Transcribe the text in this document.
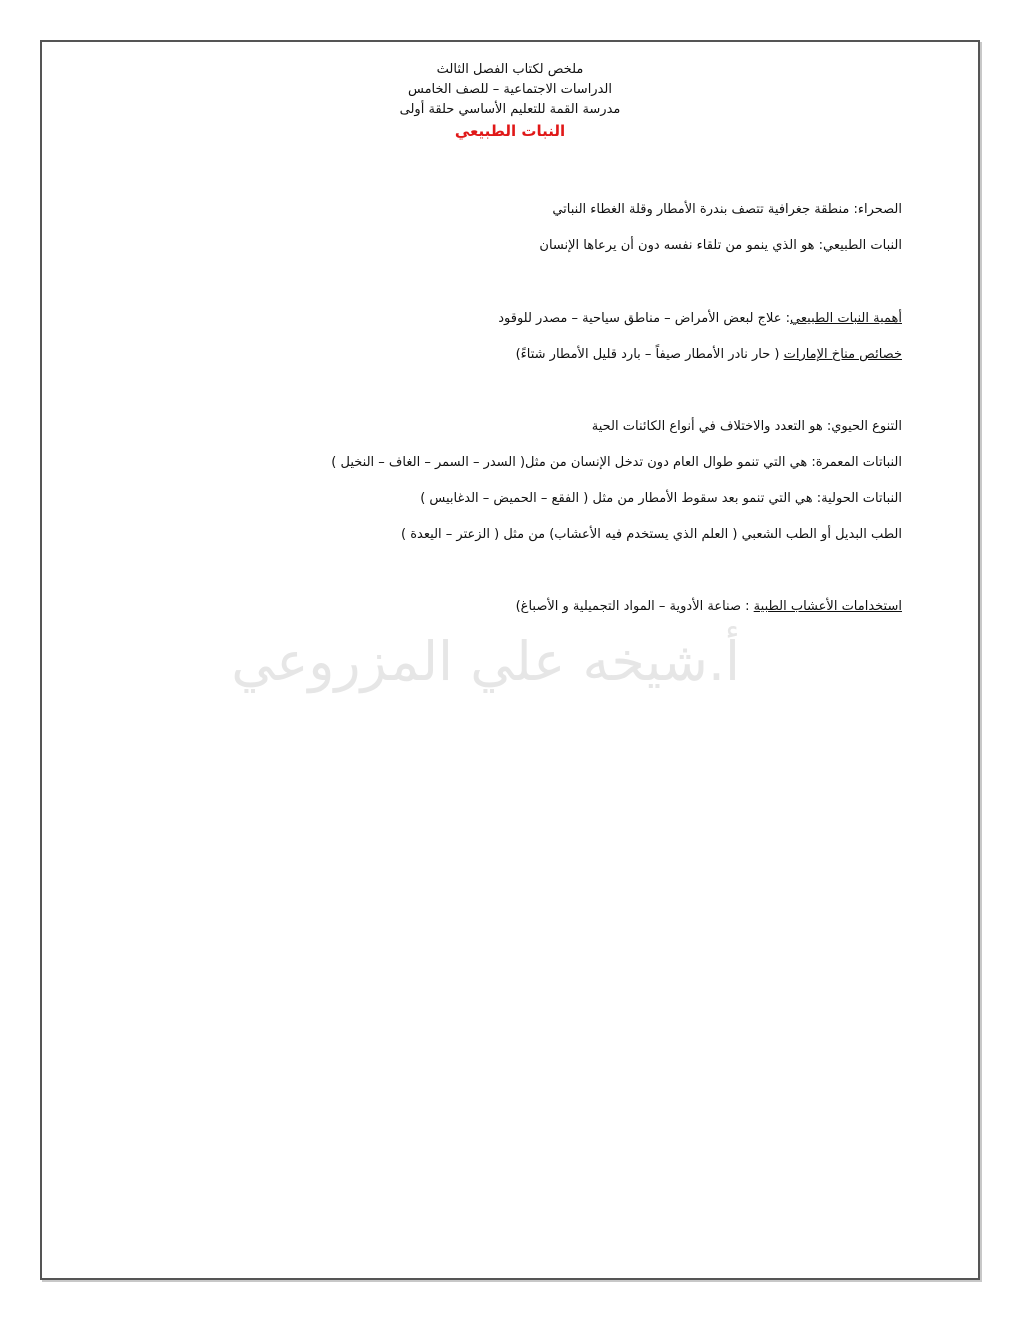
ملخص لكتاب الفصل الثالث
الدراسات الاجتماعية – للصف الخامس
مدرسة القمة للتعليم الأساسي حلقة أولى
النبات الطبيعي
الصحراء: منطقة جغرافية تتصف بندرة الأمطار وقلة الغطاء النباتي
النبات الطبيعي: هو الذي ينمو من تلقاء نفسه دون أن يرعاها الإنسان
أهمية النبات الطبيعي: علاج لبعض الأمراض – مناطق سياحية – مصدر للوقود
خصائص مناخ الإمارات ( حار نادر الأمطار صيفاً – بارد قليل الأمطار شتاءً)
التنوع الحيوي: هو التعدد والاختلاف في أنواع الكائنات الحية
النباتات المعمرة: هي التي تنمو طوال العام دون تدخل الإنسان من مثل( السدر – السمر – الغاف – النخيل )
النباتات الحولية: هي التي تنمو بعد سقوط الأمطار من مثل ( الفقع – الحميض – الدغابيس )
الطب البديل أو الطب الشعبي ( العلم الذي يستخدم فيه الأعشاب) من مثل ( الزعتر – اليعدة )
استخدامات الأعشاب الطبية : صناعة الأدوية – المواد التجميلية و الأصباغ)
أ.شيخه علي المزروعي
